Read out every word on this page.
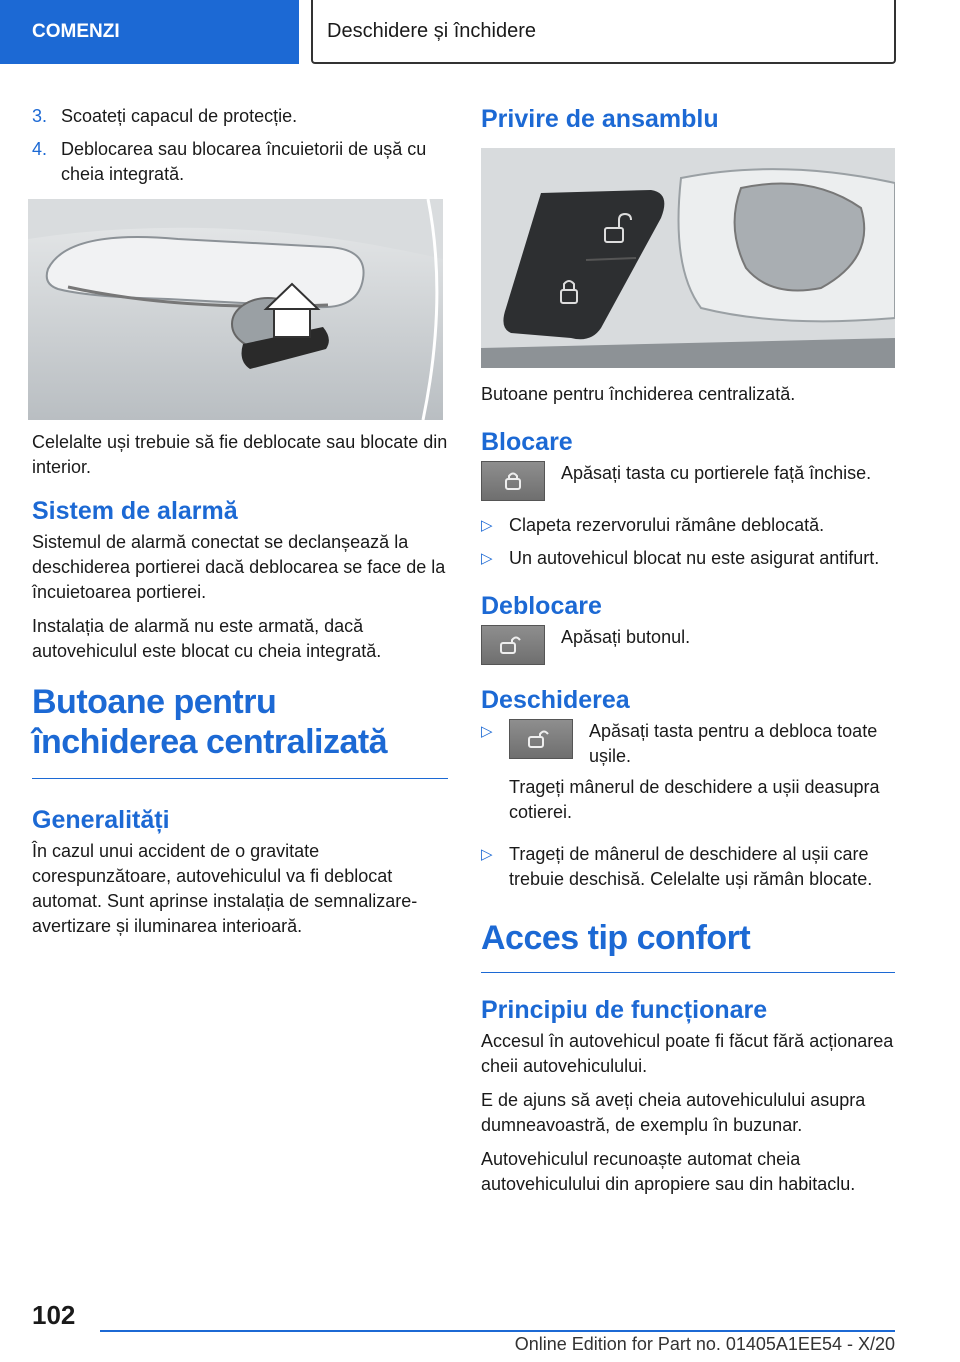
COMENZI	Deschidere și închidere
3. Scoateți capacul de protecție.
4. Deblocarea sau blocarea încuietorii de ușă cu cheia integrată.

Celelalte uși trebuie să fie deblocate sau blocate din interior.

Sistem de alarmă

Sistemul de alarmă conectat se declanșează la deschiderea portierei dacă deblocarea se face de la încuietoarea portierei.

Instalația de alarmă nu este armată, dacă autovehiculul este blocat cu cheia integrată.

Butoane pentru închiderea centralizată
Generalități

În cazul unui accident de o gravitate corespunzătoare, autovehiculul va fi deblocat automat. Sunt aprinse instalația de semnalizare-avertizare și iluminarea interioară.

Privire de ansamblu

Butoane pentru închiderea centralizată.

Blocare
Apăsați tasta cu portierele față închise.
▷ Clapeta rezervorului rămâne deblocată.
▷ Un autovehicul blocat nu este asigurat antifurt.
Deblocare
Apăsați butonul.
Deschiderea
▷	Apăsați tasta pentru a debloca toate ușile.

Trageți mânerul de deschidere a ușii deasupra cotierei.

▷ Trageți de mânerul de deschidere al ușii care trebuie deschisă. Celelalte uși rămân blocate.
Acces tip confort
Principiu de funcționare

Accesul în autovehicul poate fi făcut fără acționarea cheii autovehiculului.

E de ajuns să aveți cheia autovehiculului asupra dumneavoastră, de exemplu în buzunar.

Autovehiculul recunoaște automat cheia autovehiculului din apropiere sau din habitaclu.

102
Online Edition for Part no. 01405A1EE54 - X/20
